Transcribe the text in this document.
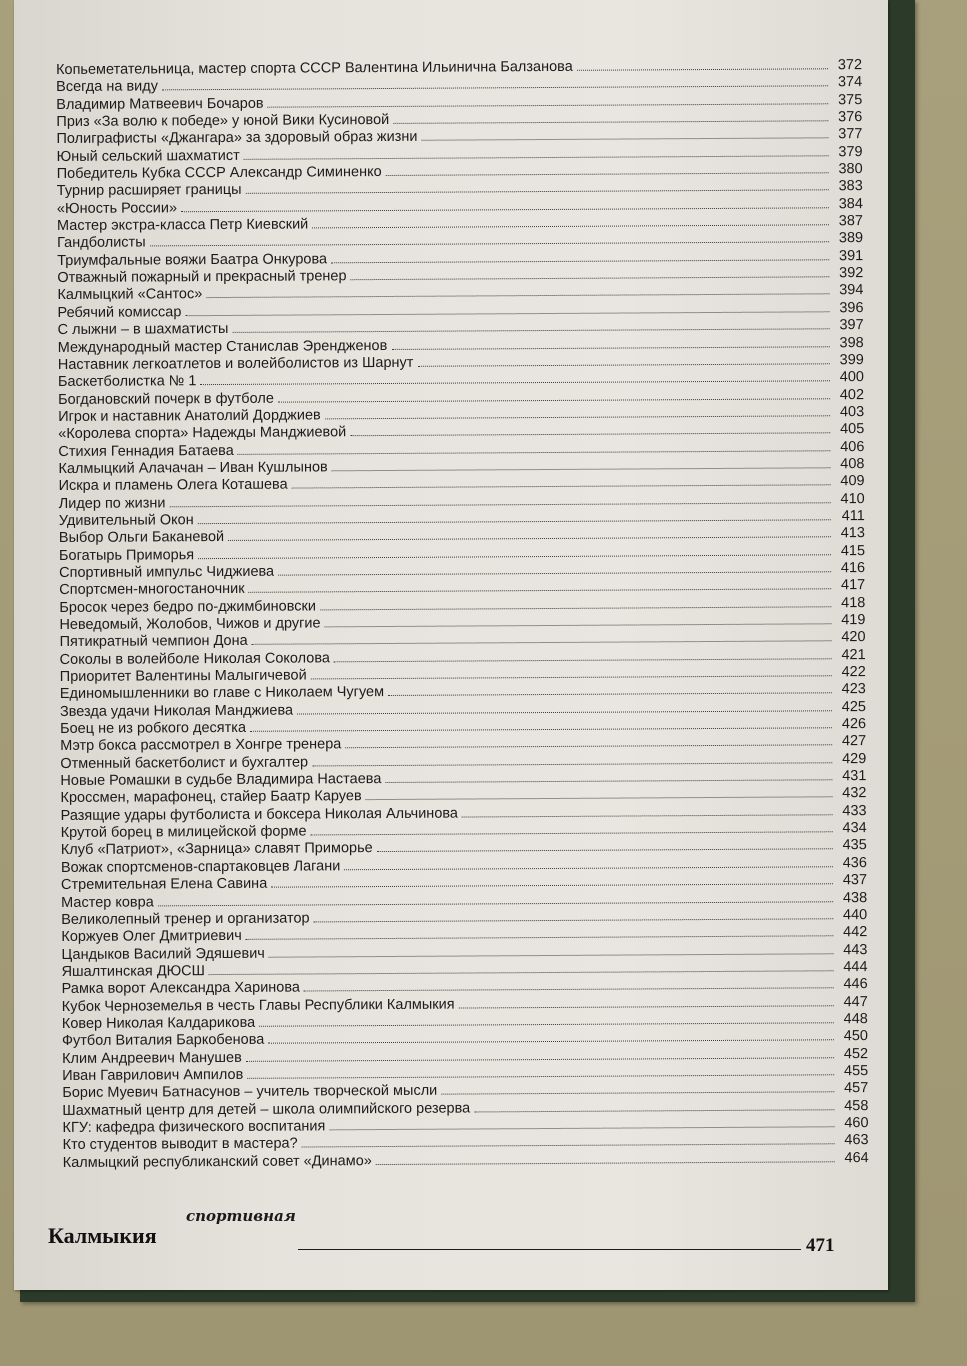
Копьеметательница, мастер спорта СССР Валентина Ильинична Балзанова	372
Всегда на виду	374
Владимир Матвеевич Бочаров	375
Приз «За волю к победе» у юной Вики Кусиновой	376
Полиграфисты «Джангара» за здоровый образ жизни	377
Юный сельский шахматист	379
Победитель Кубка СССР Александр Симиненко	380
Турнир расширяет границы	383
«Юность России»	384
Мастер экстра-класса Петр Киевский	387
Гандболисты	389
Триумфальные вояжи Баатра Онкурова	391
Отважный пожарный и прекрасный тренер	392
Калмыцкий «Сантос»	394
Ребячий комиссар	396
С лыжни – в шахматисты	397
Международный мастер Станислав Эрендженов	398
Наставник легкоатлетов и волейболистов из Шарнут	399
Баскетболистка № 1	400
Богдановский почерк в футболе	402
Игрок и наставник Анатолий Дорджиев	403
«Королева спорта» Надежды Манджиевой	405
Стихия Геннадия Батаева	406
Калмыцкий Алачачан – Иван Кушлынов	408
Искра и пламень Олега Коташева	409
Лидер по жизни	410
Удивительный Окон	411
Выбор Ольги Баканевой	413
Богатырь Приморья	415
Спортивный импульс Чиджиева	416
Спортсмен-многостаночник	417
Бросок через бедро по-джимбиновски	418
Неведомый, Жолобов, Чижов и другие	419
Пятикратный чемпион Дона	420
Соколы в волейболе Николая Соколова	421
Приоритет Валентины Малыгичевой	422
Единомышленники во главе с Николаем Чугуем	423
Звезда удачи Николая Манджиева	425
Боец не из робкого десятка	426
Мэтр бокса рассмотрел в Хонгре тренера	427
Отменный баскетболист и бухгалтер	429
Новые Ромашки в судьбе Владимира Настаева	431
Кроссмен, марафонец, стайер Баатр Каруев	432
Разящие удары футболиста и боксера Николая Альчинова	433
Крутой борец в милицейской форме	434
Клуб «Патриот», «Зарница» славят Приморье	435
Вожак спортсменов-спартаковцев Лагани	436
Стремительная Елена Савина	437
Мастер ковра	438
Великолепный тренер и организатор	440
Коржуев Олег Дмитриевич	442
Цандыков Василий Эдяшевич	443
Яшалтинская ДЮСШ	444
Рамка ворот Александра Харинова	446
Кубок Черноземелья в честь Главы Республики Калмыкия	447
Ковер Николая Калдарикова	448
Футбол Виталия Баркобенова	450
Клим Андреевич Манушев	452
Иван Гаврилович Ампилов	455
Борис Муевич Батнасунов – учитель творческой мысли	457
Шахматный центр для детей – школа олимпийского резерва	458
КГУ: кафедра физического воспитания	460
Кто студентов выводит в мастера?	463
Калмыцкий республиканский совет «Динамо»	464
спортивная
Калмыкия	471
